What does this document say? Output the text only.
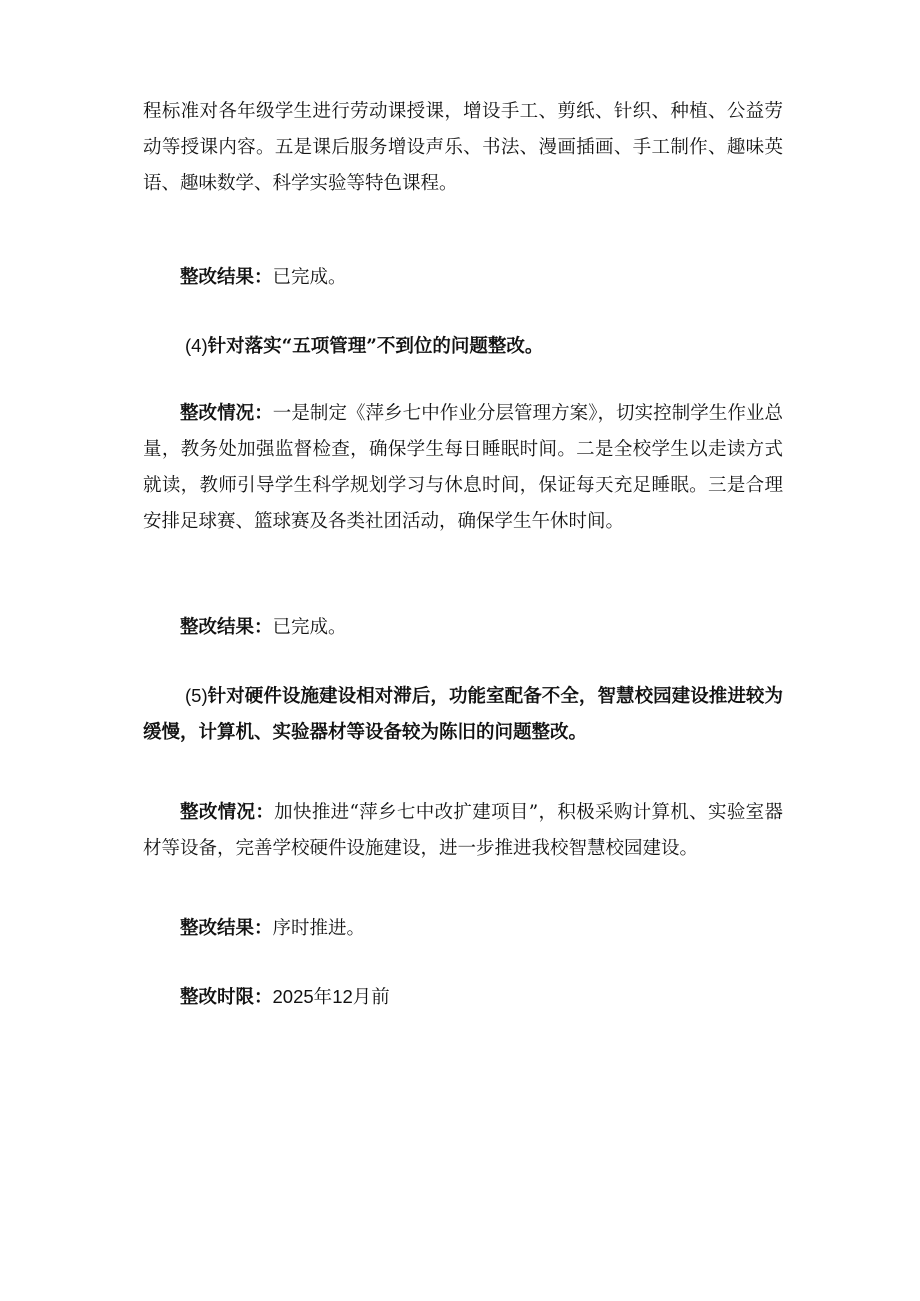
程标准对各年级学生进行劳动课授课，增设手工、剪纸、针织、种植、公益劳动等授课内容。五是课后服务增设声乐、书法、漫画插画、手工制作、趣味英语、趣味数学、科学实验等特色课程。

整改结果：已完成。

(4)针对落实“五项管理”不到位的问题整改。

整改情况：一是制定《萍乡七中作业分层管理方案》，切实控制学生作业总量，教务处加强监督检查，确保学生每日睡眠时间。二是全校学生以走读方式就读，教师引导学生科学规划学习与休息时间，保证每天充足睡眠。三是合理安排足球赛、篮球赛及各类社团活动，确保学生午休时间。

整改结果：已完成。

(5)针对硬件设施建设相对滞后，功能室配备不全，智慧校园建设推进较为缓慢，计算机、实验器材等设备较为陈旧的问题整改。

整改情况：加快推进“萍乡七中改扩建项目”，积极采购计算机、实验室器材等设备，完善学校硬件设施建设，进一步推进我校智慧校园建设。

整改结果：序时推进。

整改时限：2025年12月前
